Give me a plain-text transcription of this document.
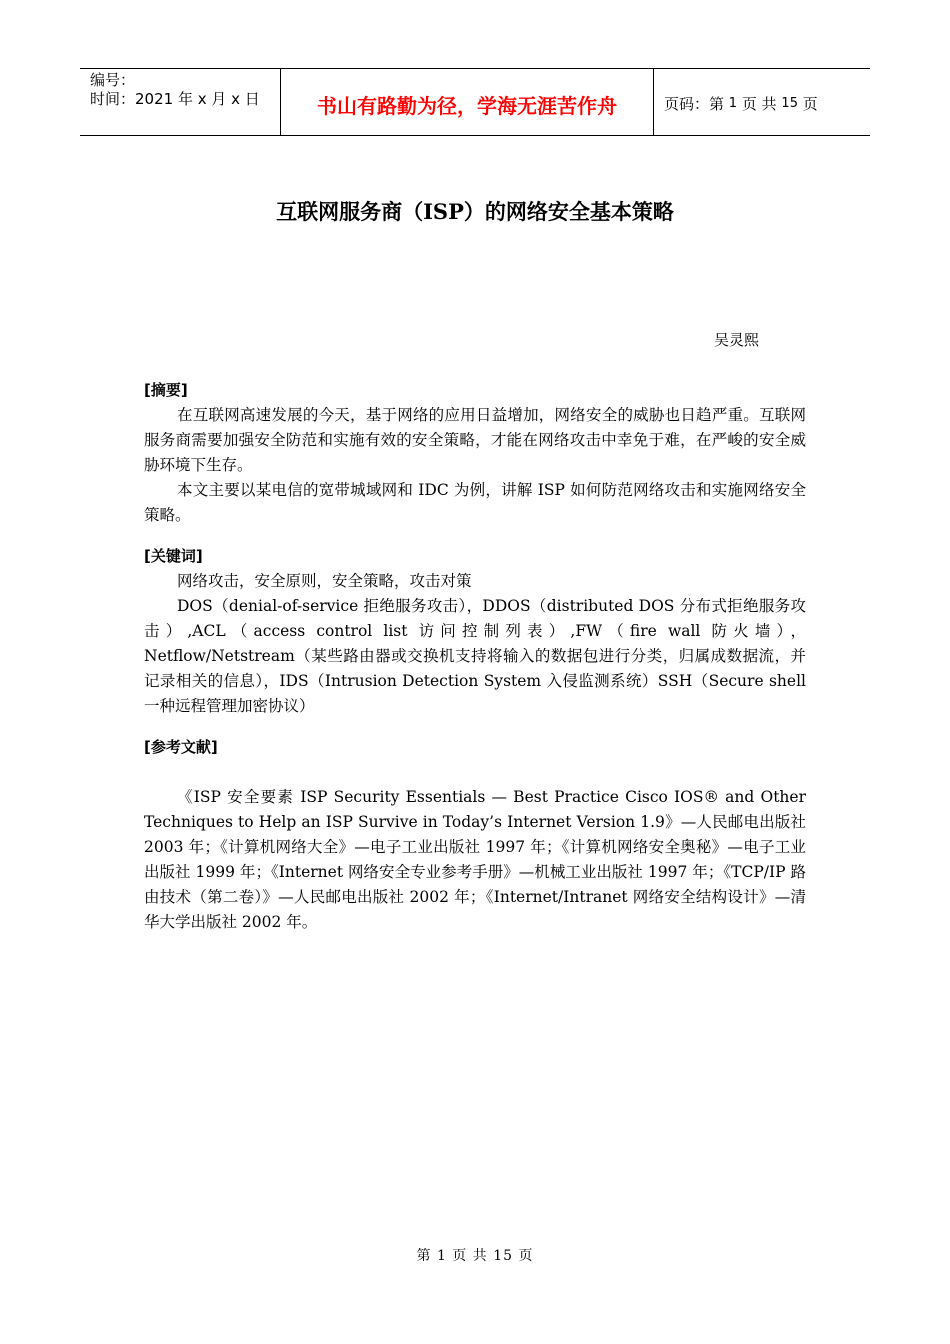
编号：
时间：2021 年 x 月 x 日	书山有路勤为径，学海无涯苦作舟	页码：第
1
页 共
15
页
互联网服务商（ISP）的网络安全基本策略
吴灵熙

[摘要]

在互联网高速发展的今天，基于网络的应用日益增加，网络安全的威胁也日趋严重。互联网服务商需要加强安全防范和实施有效的安全策略，才能在网络攻击中幸免于难，在严峻的安全威胁环境下生存。

本文主要以某电信的宽带城域网和 IDC 为例，讲解 ISP 如何防范网络攻击和实施网络安全策略。

[关键词]

网络攻击，安全原则，安全策略，攻击对策

DOS（denial-of-service 拒绝服务攻击），DDOS（distributed DOS 分布式拒绝服务攻击）,ACL（access control list 访问控制列表）,FW（fire wall 防火墙），Netflow/Netstream（某些路由器或交换机支持将输入的数据包进行分类，归属成数据流，并记录相关的信息），IDS（Intrusion Detection System 入侵监测系统）SSH（Secure shell 一种远程管理加密协议）

[参考文献]

《ISP 安全要素 ISP Security Essentials — Best Practice Cisco IOS® and Other Techniques to Help an ISP Survive in Today’s Internet Version 1.9》—人民邮电出版社 2003 年；《计算机网络大全》—电子工业出版社 1997 年；《计算机网络安全奥秘》—电子工业出版社 1999 年；《Internet 网络安全专业参考手册》—机械工业出版社 1997 年；《TCP/IP 路由技术（第二卷）》—人民邮电出版社 2002 年；《Internet/Intranet 网络安全结构设计》—清华大学出版社 2002 年。

第 1 页 共 15 页
